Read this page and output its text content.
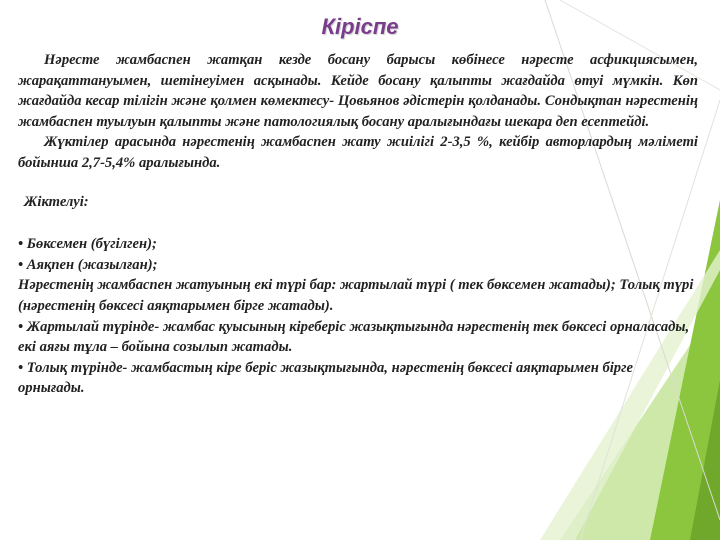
Кіріспе

Нәресте жамбаспен жатқан кезде босану барысы көбінесе нәресте асфикциясымен, жарақаттануымен, шетінеуімен асқынады. Кейде босану қалыпты жағдайда өтуі мүмкін. Көп жағдайда кесар тілігін және қолмен көмектесу- Цовьянов әдістерін қолданады. Сондықтан нәрестенің жамбаспен туылуын қалыпты және патологиялық босану аралығындағы шекара деп есептейді.

Жүктілер арасында нәрестенің жамбаспен жату жиілігі 2-3,5 %, кейбір авторлардың мәліметі бойынша 2,7-5,4% аралығында.

Жіктелуі:

• Бөксемен (бүгілген);

• Аяқпен (жазылған);

Нәрестенің жамбаспен жатуының екі түрі бар: жартылай түрі ( тек бөксемен жатады); Толық түрі (нәрестенің бөксесі аяқтарымен бірге жатады).

• Жартылай түрінде- жамбас қуысының кіреберіс жазықтығында нәрестенің тек бөксесі орналасады, екі аяғы тұла – бойына созылып жатады.

• Толық түрінде- жамбастың кіре беріс жазықтығында, нәрестенің бөксесі аяқтарымен бірге орнығады.
